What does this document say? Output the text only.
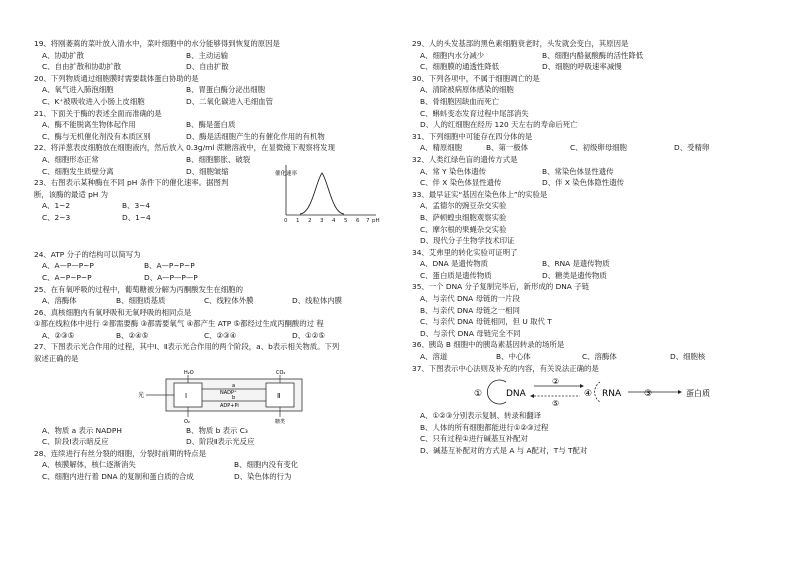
19、将刚萎蔫的菜叶放入清水中，菜叶细胞中的水分能够得到恢复的原因是
A、协助扩散	B、主动运输
C、自由扩散和协助扩散	D、自由扩散
20、下列物质通过细胞膜时需要载体蛋白协助的是
A、氧气进入肺泡细胞	B、胃蛋白酶分泌出细胞
C、K⁺被吸收进入小肠上皮细胞	D、二氧化碳进入毛细血管
21、下面关于酶的表述全面而准确的是
A、酶不能脱离生物体起作用	B、酶是蛋白质
C、酶与无机催化剂没有本质区别	D、酶是活细胞产生的有催化作用的有机物
22、将洋葱表皮细胞放在细胞液内，然后放入 0.3g/ml 蔗糖溶液中，在显微镜下观察将发现
A、细胞形态正常	B、细胞膨胀、破裂
C、细胞发生质壁分离	D、细胞皱缩
23、右图表示某种酶在不同 pH 条件下的催化速率。据图判
断，该酶的最适 pH 为
A、1~2	B、3~4
C、2~3	D、1~4
催化速率
0 1 2 3 4 5 6 7 pH
24、ATP 分子的结构可以简写为
A、A—P—P~P	B、A—P~P~P
C、A~P~P~P	D、A—P—P—P
25、在有氧呼吸的过程中，葡萄糖被分解为丙酮酸发生在细胞的
A、溶酶体	B、细胞质基质	C、线粒体外膜	D、线粒体内膜
26、真核细胞内有氧呼吸和无氧呼吸的相同点是
①都在线粒体中进行 ②都需要酶 ③都需要氧气 ④都产生 ATP ⑤都经过生成丙酮酸的过 程
A、②③⑤	B、②④⑤	C、②③④	D、①②⑤
27、下图表示光合作用的过程，其中Ⅰ、Ⅱ表示光合作用的两个阶段，a、b表示相关物质。下列
叙述正确的是
Ⅰ	Ⅱ
a
NADP⁺
b
ADP+Pi
H₂O	CO₂
O₂	糖类
光
A、物质 a 表示 NADPH	B、物质 b 表示 C₃
C、阶段Ⅰ表示暗反应	D、阶段Ⅱ表示光反应
28、连续进行有丝分裂的细胞，分裂时前期的特点是
A、核膜解体，核仁逐渐消失	B、细胞内没有变化
C、细胞内进行着 DNA 的复制和蛋白质的合成	D、染色体的行为
29、人的头发基部的黑色素细胞衰老时，头发就会变白，其原因是
A、细胞内水分减少	B、细胞内酪氨酸酶的活性降低
C、细胞膜的通透性降低	D、细胞的呼吸速率减慢
30、下列各项中，不属于细胞凋亡的是
A、清除被病原体感染的细胞
B、骨细胞因缺血而死亡
C、蝌蚪变态发育过程中尾部消失
D、人的红细胞在经历 120 天左右的寿命后死亡
31、下列细胞中可能存在四分体的是
A、精原细胞	B、第一极体	C、初级卵母细胞	D、受精卵
32、人类红绿色盲的遗传方式是
A、常 Y 染色体遗传	B、常染色体显性遗传
C、伴 X 染色体显性遗传	D、伴 X 染色体隐性遗传
33、最早证实“基因在染色体上”的实验是
A、孟德尔的豌豆杂交实验
B、萨顿蝗虫细胞观察实验
C、摩尔根的果蝇杂交实验
D、现代分子生物学技术印证
34、艾弗里的转化实验可证明了
A、DNA 是遗传物质	B、RNA 是遗传物质
C、蛋白质是遗传物质	D、糖类是遗传物质
35、一个 DNA 分子复制完毕后，新形成的 DNA 子链
A、与亲代 DNA 母链的一片段
B、与亲代 DNA 母链之一相同
C、与亲代 DNA 母链相同，但 U 取代 T
D、与亲代 DNA 母链完全不同
36、胰岛 B 细胞中的胰岛素基因转录的场所是
A、溶道	B、中心体	C、溶酶体	D、细胞核
37、下图表示中心法则及补充的内容，有关说法正确的是
①	DNA
②
⑤
④ RNA	③	蛋白质
A、①②③分别表示复制、转录和翻译
B、人体的所有细胞都能进行①②③过程
C、只有过程①进行碱基互补配对
D、碱基互补配对的方式是 A 与 A配对，T与 T配对
